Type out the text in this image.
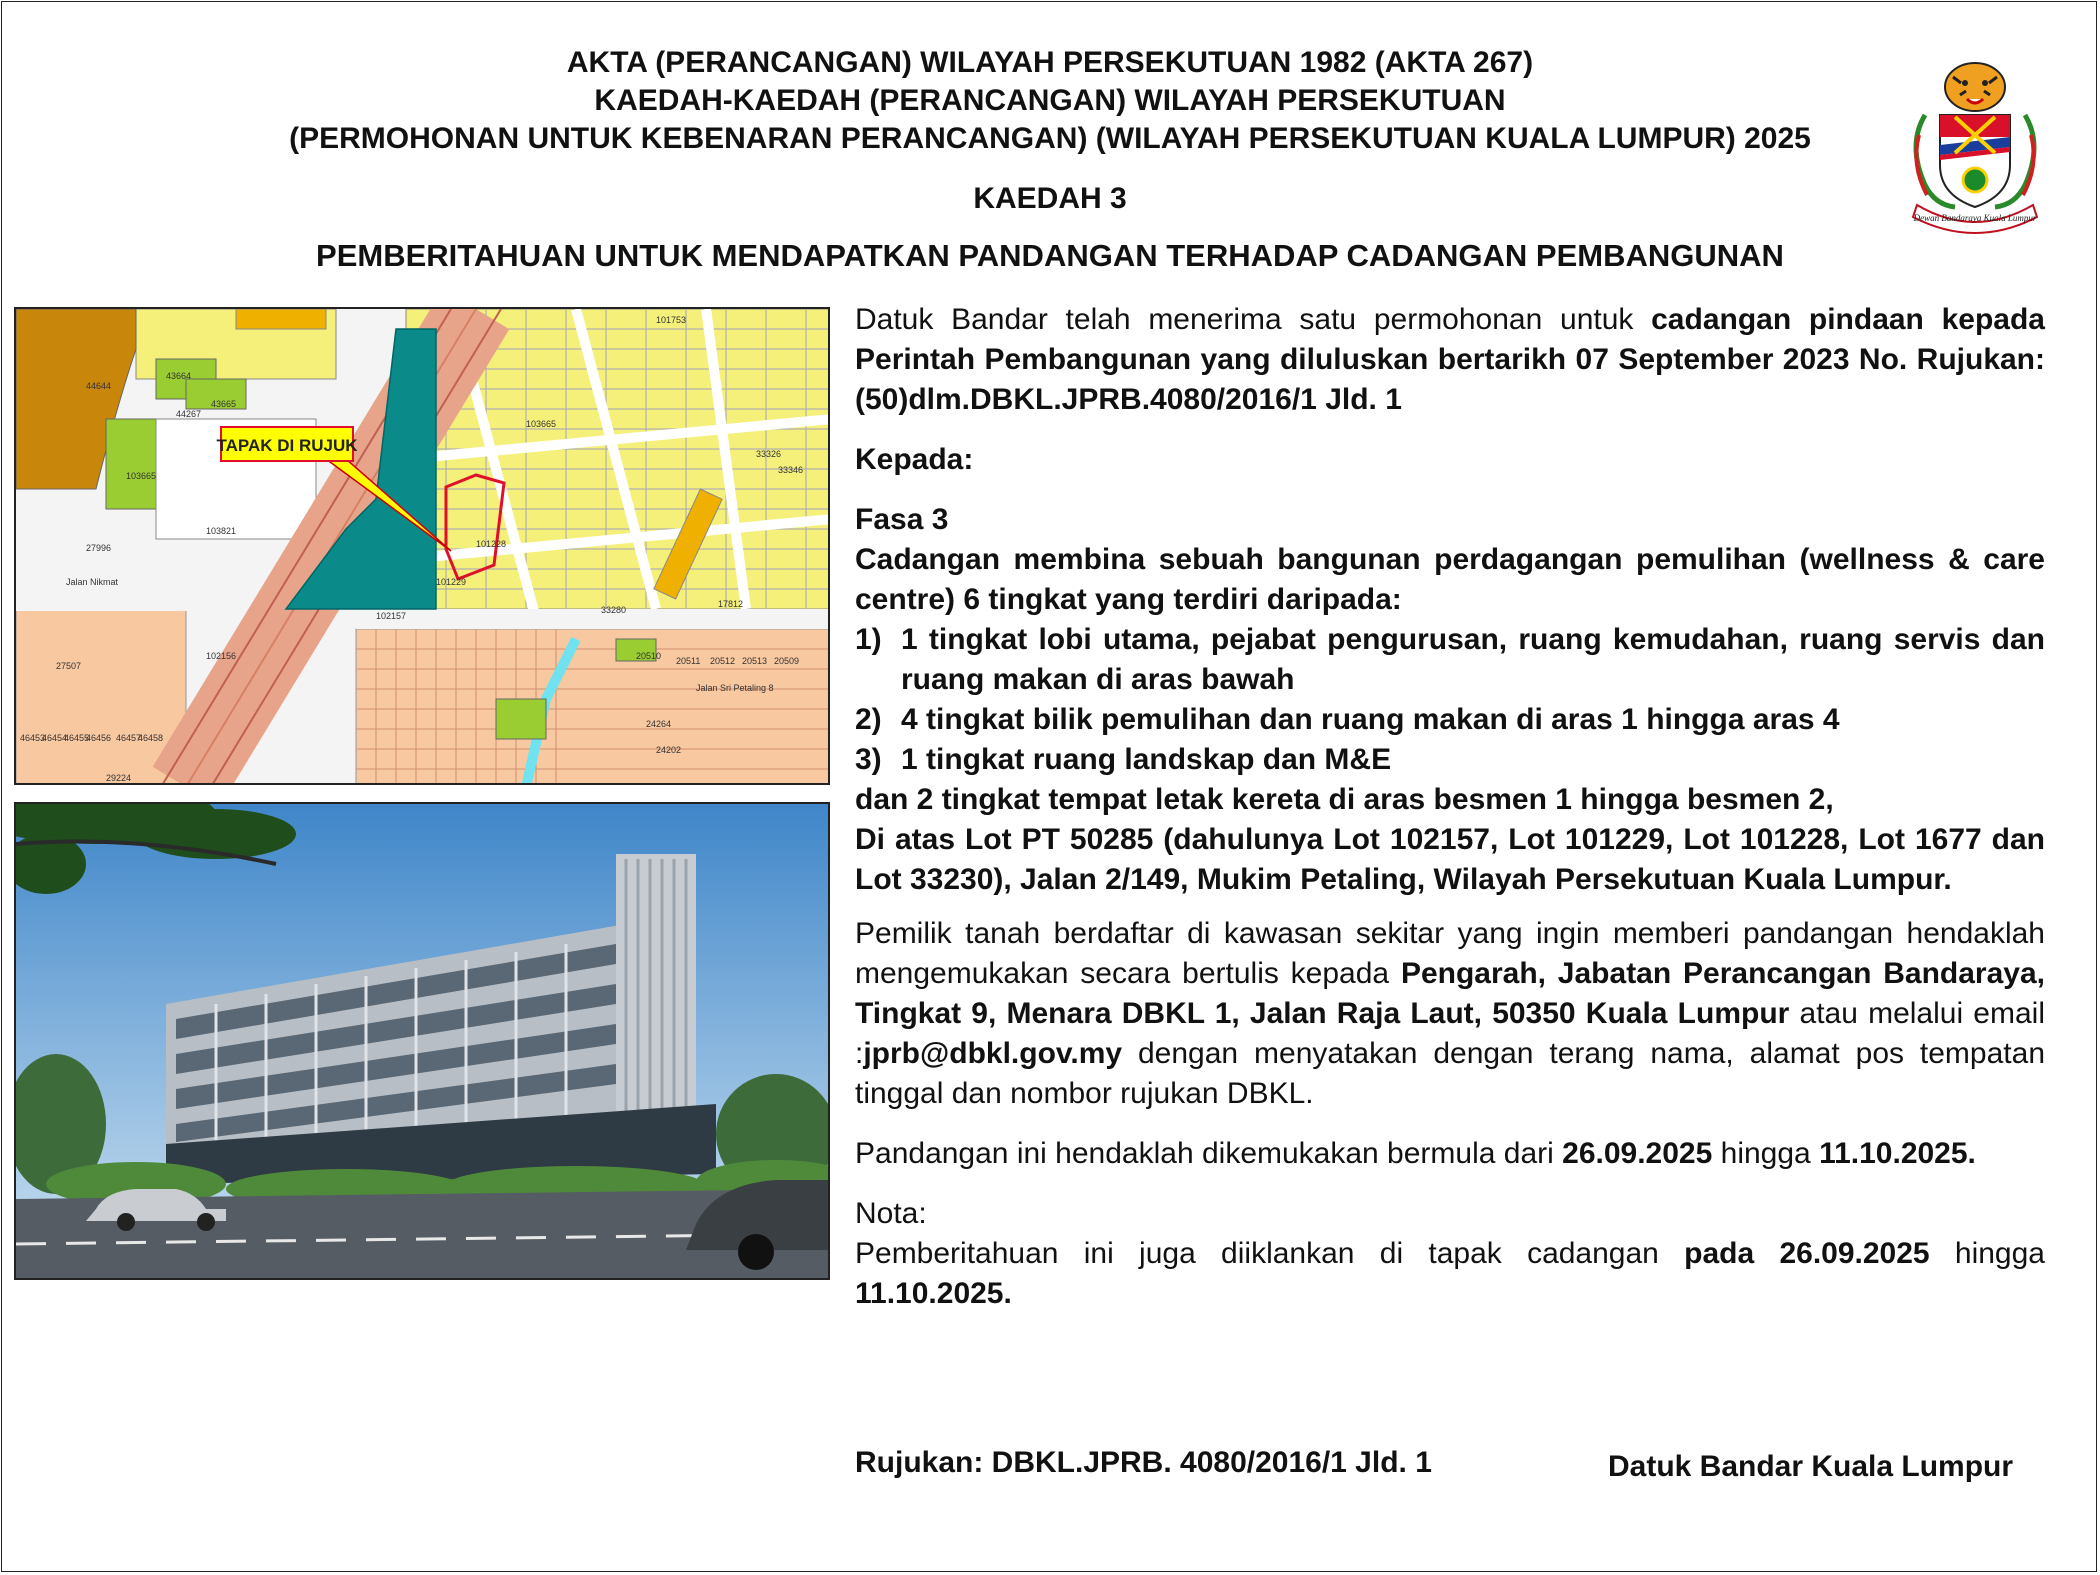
AKTA (PERANCANGAN) WILAYAH PERSEKUTUAN 1982 (AKTA 267)
KAEDAH-KAEDAH (PERANCANGAN) WILAYAH PERSEKUTUAN
(PERMOHONAN UNTUK KEBENARAN PERANCANGAN) (WILAYAH PERSEKUTUAN KUALA LUMPUR) 2025
KAEDAH 3
PEMBERITAHUAN UNTUK MENDAPATKAN PANDANGAN TERHADAP CADANGAN PEMBANGUNAN
Dewan Bandaraya Kuala Lumpur
TAPAK DI RUJUK
44644
43665
43664
44267
103665
103821
27507
102156
102157
101228
101229
33280
33326
33346
17812
101753
103665
20510 20511 20512 20513 20509
24264
24202
29224
27996
46453
46454
46455
46456 46457
46458
Jalan Nikmat
Jalan Sri Petaling 8

Datuk Bandar telah menerima satu permohonan untuk cadangan pindaan kepada Perintah Pembangunan yang diluluskan bertarikh 07 September 2023 No. Rujukan: (50)dlm.DBKL.JPRB.4080/2016/1 Jld. 1

Kepada:

Fasa 3

Cadangan membina sebuah bangunan perdagangan pemulihan (wellness & care centre) 6 tingkat yang terdiri daripada:

1) 1 tingkat lobi utama, pejabat pengurusan, ruang kemudahan, ruang servis dan ruang makan di aras bawah
2) 4 tingkat bilik pemulihan dan ruang makan di aras 1 hingga aras 4
3) 1 tingkat ruang landskap dan M&E

dan 2 tingkat tempat letak kereta di aras besmen 1 hingga besmen 2,

Di atas Lot PT 50285 (dahulunya Lot 102157, Lot 101229, Lot 101228, Lot 1677 dan Lot 33230), Jalan 2/149, Mukim Petaling, Wilayah Persekutuan Kuala Lumpur.

Pemilik tanah berdaftar di kawasan sekitar yang ingin memberi pandangan hendaklah mengemukakan secara bertulis kepada Pengarah, Jabatan Perancangan Bandaraya, Tingkat 9, Menara DBKL 1, Jalan Raja Laut, 50350 Kuala Lumpur atau melalui email :jprb@dbkl.gov.my dengan menyatakan dengan terang nama, alamat pos tempatan tinggal dan nombor rujukan DBKL.

Pandangan ini hendaklah dikemukakan bermula dari 26.09.2025 hingga 11.10.2025.

Nota:

Pemberitahuan ini juga diiklankan di tapak cadangan pada 26.09.2025 hingga 11.10.2025.

Rujukan: DBKL.JPRB. 4080/2016/1 Jld. 1	Datuk Bandar Kuala Lumpur
